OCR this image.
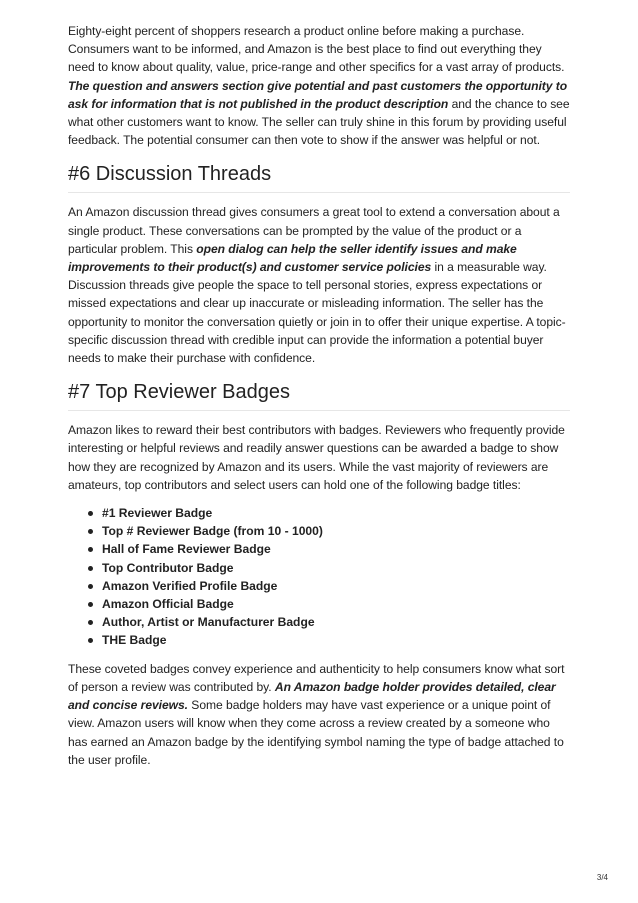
Eighty-eight percent of shoppers research a product online before making a purchase. Consumers want to be informed, and Amazon is the best place to find out everything they need to know about quality, value, price-range and other specifics for a vast array of products. The question and answers section give potential and past customers the opportunity to ask for information that is not published in the product description and the chance to see what other customers want to know. The seller can truly shine in this forum by providing useful feedback. The potential consumer can then vote to show if the answer was helpful or not.

#6 Discussion Threads

An Amazon discussion thread gives consumers a great tool to extend a conversation about a single product. These conversations can be prompted by the value of the product or a particular problem. This open dialog can help the seller identify issues and make improvements to their product(s) and customer service policies in a measurable way. Discussion threads give people the space to tell personal stories, express expectations or missed expectations and clear up inaccurate or misleading information. The seller has the opportunity to monitor the conversation quietly or join in to offer their unique expertise. A topic-specific discussion thread with credible input can provide the information a potential buyer needs to make their purchase with confidence.

#7 Top Reviewer Badges

Amazon likes to reward their best contributors with badges. Reviewers who frequently provide interesting or helpful reviews and readily answer questions can be awarded a badge to show how they are recognized by Amazon and its users. While the vast majority of reviewers are amateurs, top contributors and select users can hold one of the following badge titles:

#1 Reviewer Badge
Top # Reviewer Badge (from 10 - 1000)
Hall of Fame Reviewer Badge
Top Contributor Badge
Amazon Verified Profile Badge
Amazon Official Badge
Author, Artist or Manufacturer Badge
THE Badge

These coveted badges convey experience and authenticity to help consumers know what sort of person a review was contributed by. An Amazon badge holder provides detailed, clear and concise reviews. Some badge holders may have vast experience or a unique point of view. Amazon users will know when they come across a review created by a someone who has earned an Amazon badge by the identifying symbol naming the type of badge attached to the user profile.

3/4
